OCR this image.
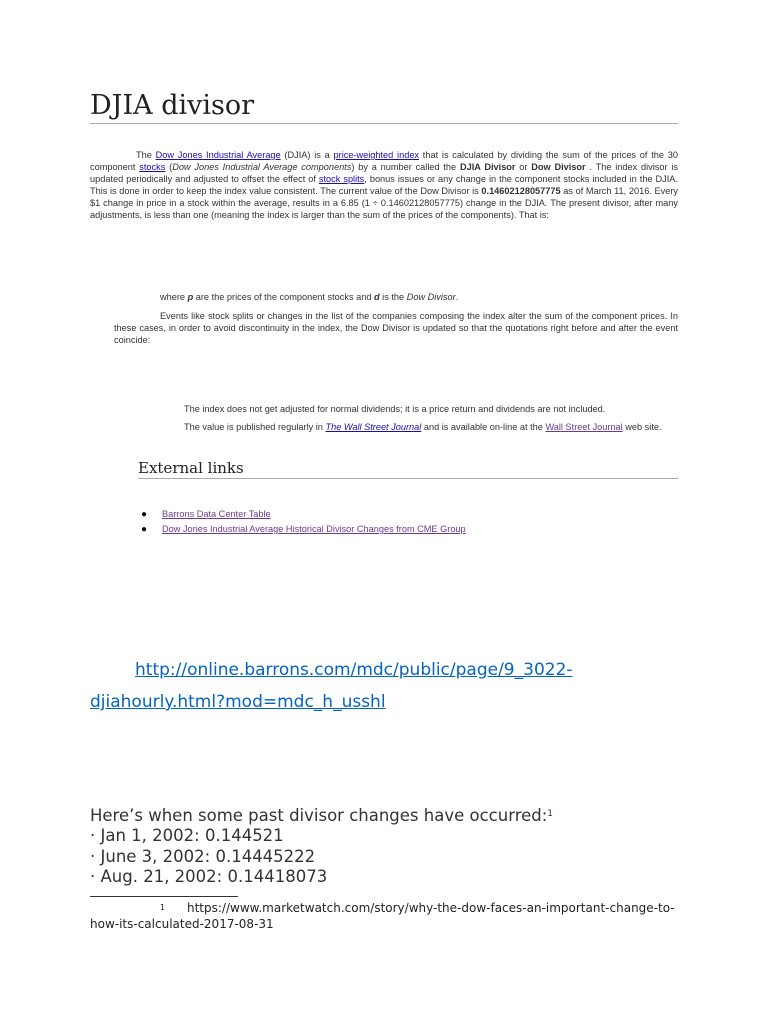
DJIA divisor

The Dow Jones Industrial Average (DJIA) is a price-weighted index that is calculated by dividing the sum of the prices of the 30 component stocks (Dow Jones Industrial Average components) by a number called the DJIA Divisor or Dow Divisor . The index divisor is updated periodically and adjusted to offset the effect of stock splits, bonus issues or any change in the component stocks included in the DJIA. This is done in order to keep the index value consistent. The current value of the Dow Divisor is 0.14602128057775 as of March 11, 2016. Every $1 change in price in a stock within the average, results in a 6.85 (1 ÷ 0.14602128057775) change in the DJIA. The present divisor, after many adjustments, is less than one (meaning the index is larger than the sum of the prices of the components). That is:

where p are the prices of the component stocks and d is the Dow Divisor.

Events like stock splits or changes in the list of the companies composing the index alter the sum of the component prices. In these cases, in order to avoid discontinuity in the index, the Dow Divisor is updated so that the quotations right before and after the event coincide:

The index does not get adjusted for normal dividends; it is a price return and dividends are not included.

The value is published regularly in The Wall Street Journal and is available on-line at the Wall Street Journal web site.

External links
● Barrons Data Center Table
● Dow Jones Industrial Average Historical Divisor Changes from CME Group

http://online.barrons.com/mdc/public/page/9_3022-djiahourly.html?mod=mdc_h_usshl

Here’s when some past divisor changes have occurred:$^1$
· Jan 1, 2002: 0.144521
· June 3, 2002: 0.14445222
· Aug. 21, 2002: 0.14418073

1 https://www.marketwatch.com/story/why-the-dow-faces-an-important-change-to-how-its-calculated-2017-08-31
